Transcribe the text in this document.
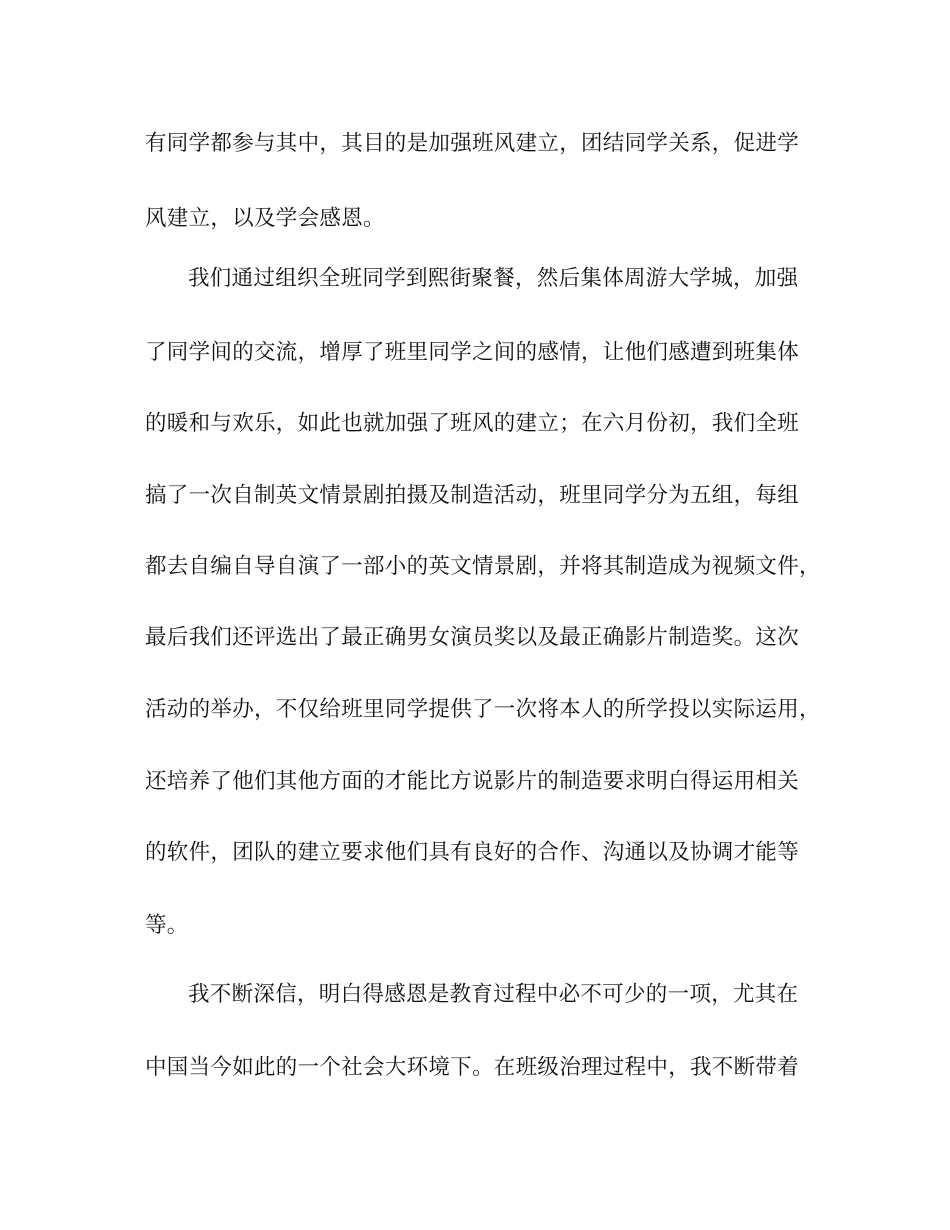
有同学都参与其中，其目的是加强班风建立，团结同学关系，促进学
风建立，以及学会感恩。
我们通过组织全班同学到熙街聚餐，然后集体周游大学城，加强
了同学间的交流，增厚了班里同学之间的感情，让他们感遭到班集体
的暖和与欢乐，如此也就加强了班风的建立；在六月份初，我们全班
搞了一次自制英文情景剧拍摄及制造活动，班里同学分为五组，每组
都去自编自导自演了一部小的英文情景剧，并将其制造成为视频文件，
最后我们还评选出了最正确男女演员奖以及最正确影片制造奖。这次
活动的举办，不仅给班里同学提供了一次将本人的所学投以实际运用，
还培养了他们其他方面的才能比方说影片的制造要求明白得运用相关
的软件，团队的建立要求他们具有良好的合作、沟通以及协调才能等
等。
我不断深信，明白得感恩是教育过程中必不可少的一项，尤其在
中国当今如此的一个社会大环境下。在班级治理过程中，我不断带着
